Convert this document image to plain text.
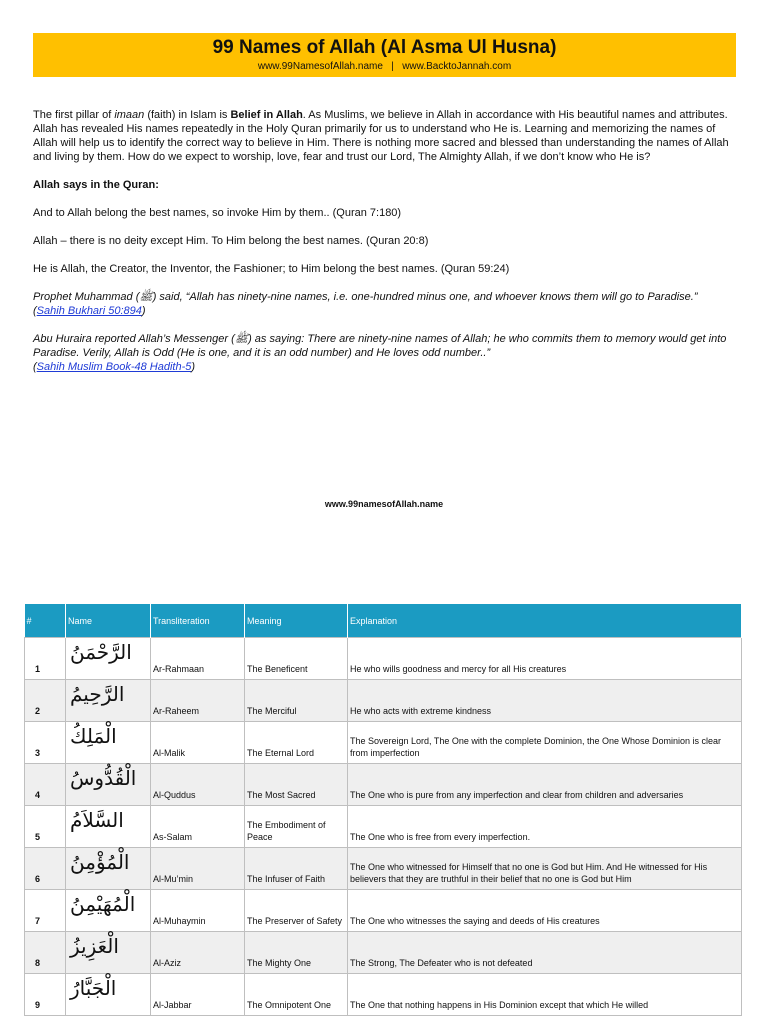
99 Names of Allah (Al Asma Ul Husna)
www.99NamesofAllah.name | www.BacktoJannah.com

The first pillar of imaan (faith) in Islam is Belief in Allah. As Muslims, we believe in Allah in accordance with His beautiful names and attributes. Allah has revealed His names repeatedly in the Holy Quran primarily for us to understand who He is. Learning and memorizing the names of Allah will help us to identify the correct way to believe in Him. There is nothing more sacred and blessed than understanding the names of Allah and living by them. How do we expect to worship, love, fear and trust our Lord, The Almighty Allah, if we don’t know who He is?

Allah says in the Quran:

And to Allah belong the best names, so invoke Him by them.. (Quran 7:180)

Allah – there is no deity except Him. To Him belong the best names. (Quran 20:8)

He is Allah, the Creator, the Inventor, the Fashioner; to Him belong the best names. (Quran 59:24)

Prophet Muhammad (ﷺ) said, “Allah has ninety-nine names, i.e. one-hundred minus one, and whoever knows them will go to Paradise.”
(Sahih Bukhari 50:894)

Abu Huraira reported Allah’s Messenger (ﷺ) as saying: There are ninety-nine names of Allah; he who commits them to memory would get into Paradise. Verily, Allah is Odd (He is one, and it is an odd number) and He loves odd number..”
(Sahih Muslim Book-48 Hadith-5)

www.99namesofAllah.name
#	Name	Transliteration	Meaning	Explanation

1	الرَّحْمَنُ	Ar-Rahmaan	The Beneficent	He who wills goodness and mercy for all His creatures

2	الرَّحِيمُ	Ar-Raheem	The Merciful	He who acts with extreme kindness

3	الْمَلِكُ	Al-Malik	The Eternal Lord	The Sovereign Lord, The One with the complete Dominion, the One Whose Dominion is clear from imperfection

4	الْقُدُّوسُ	Al-Quddus	The Most Sacred	The One who is pure from any imperfection and clear from children and adversaries

5	السَّلاَمُ	As-Salam	The Embodiment of Peace	The One who is free from every imperfection.

6	الْمُؤْمِنُ	Al-Mu’min	The Infuser of Faith	The One who witnessed for Himself that no one is God but Him. And He witnessed for His believers that they are truthful in their belief that no one is God but Him

7	الْمُهَيْمِنُ	Al-Muhaymin	The Preserver of Safety	The One who witnesses the saying and deeds of His creatures

8	الْعَزِيزُ	Al-Aziz	The Mighty One	The Strong, The Defeater who is not defeated

9	الْجَبَّارُ	Al-Jabbar	The Omnipotent One	The One that nothing happens in His Dominion except that which He willed
